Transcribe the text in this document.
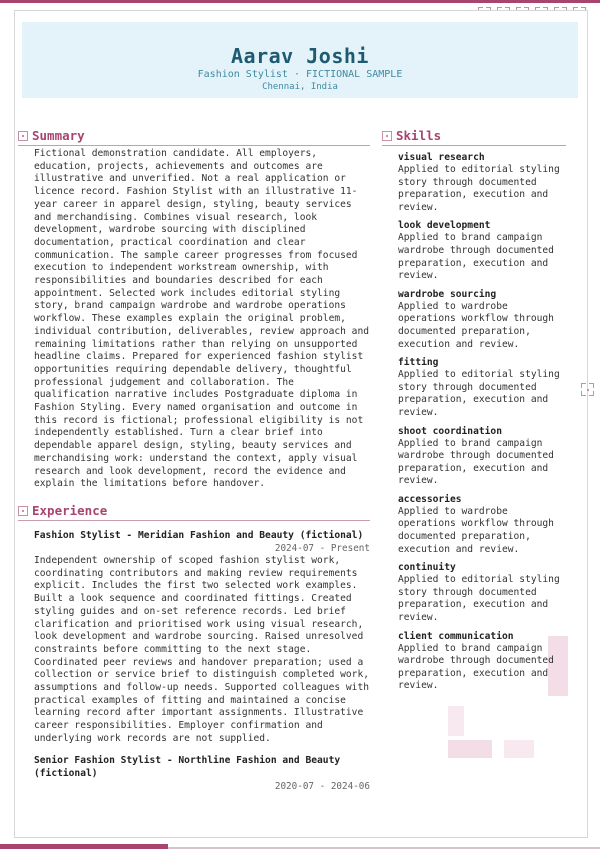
Aarav Joshi
Fashion Stylist · FICTIONAL SAMPLE
Chennai, India
Summary

Fictional demonstration candidate. All employers, education, projects, achievements and outcomes are illustrative and unverified. Not a real application or licence record. Fashion Stylist with an illustrative 11-year career in apparel design, styling, beauty services and merchandising. Combines visual research, look development, wardrobe sourcing with disciplined documentation, practical coordination and clear communication. The sample career progresses from focused execution to independent workstream ownership, with responsibilities and boundaries described for each appointment. Selected work includes editorial styling story, brand campaign wardrobe and wardrobe operations workflow. These examples explain the original problem, individual contribution, deliverables, review approach and remaining limitations rather than relying on unsupported headline claims. Prepared for experienced fashion stylist opportunities requiring dependable delivery, thoughtful professional judgement and collaboration. The qualification narrative includes Postgraduate diploma in Fashion Styling. Every named organisation and outcome in this record is fictional; professional eligibility is not independently established. Turn a clear brief into dependable apparel design, styling, beauty services and merchandising work: understand the context, apply visual research and look development, record the evidence and explain the limitations before handover.

Experience
Fashion Stylist - Meridian Fashion and Beauty (fictional)
2024-07 - Present

Independent ownership of scoped fashion stylist work, coordinating contributors and making review requirements explicit. Includes the first two selected work examples. Built a look sequence and coordinated fittings. Created styling guides and on-set reference records. Led brief clarification and prioritised work using visual research, look development and wardrobe sourcing. Raised unresolved constraints before committing to the next stage. Coordinated peer reviews and handover preparation; used a collection or service brief to distinguish completed work, assumptions and follow-up needs. Supported colleagues with practical examples of fitting and maintained a concise learning record after important assignments. Illustrative career responsibilities. Employer confirmation and underlying work records are not supplied.

Senior Fashion Stylist - Northline Fashion and Beauty (fictional)
2020-07 - 2024-06
Skills
visual research
Applied to editorial styling story through documented preparation, execution and review.
look development
Applied to brand campaign wardrobe through documented preparation, execution and review.
wardrobe sourcing
Applied to wardrobe operations workflow through documented preparation, execution and review.
fitting
Applied to editorial styling story through documented preparation, execution and review.
shoot coordination
Applied to brand campaign wardrobe through documented preparation, execution and review.
accessories
Applied to wardrobe operations workflow through documented preparation, execution and review.
continuity
Applied to editorial styling story through documented preparation, execution and review.
client communication
Applied to brand campaign wardrobe through documented preparation, execution and review.
